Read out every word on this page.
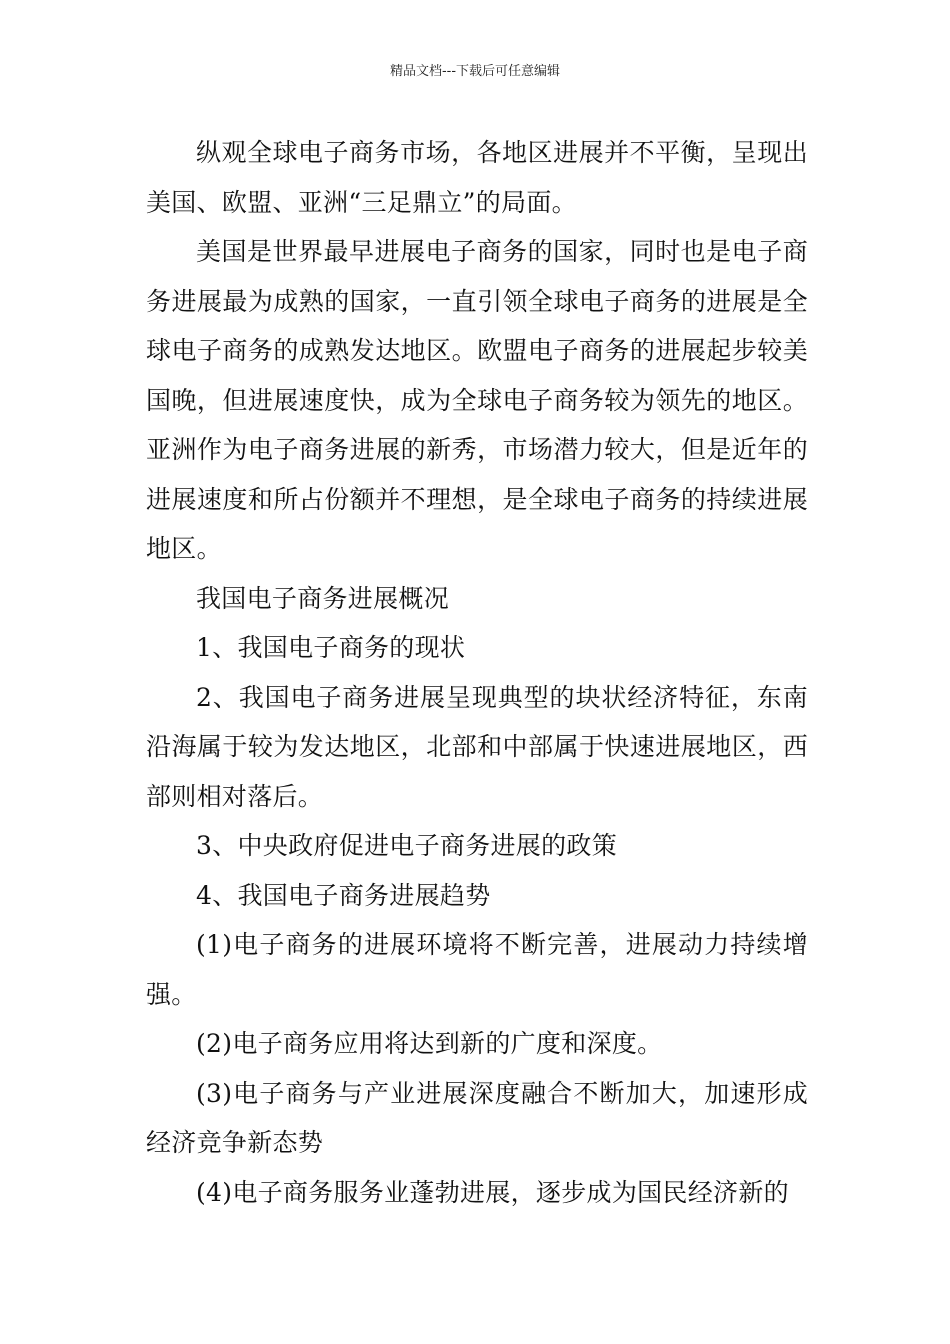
精品文档---下载后可任意编辑

纵观全球电子商务市场，各地区进展并不平衡，呈现出美国、欧盟、亚洲“三足鼎立”的局面。

美国是世界最早进展电子商务的国家，同时也是电子商务进展最为成熟的国家，一直引领全球电子商务的进展是全球电子商务的成熟发达地区。欧盟电子商务的进展起步较美国晚，但进展速度快，成为全球电子商务较为领先的地区。亚洲作为电子商务进展的新秀，市场潜力较大，但是近年的进展速度和所占份额并不理想，是全球电子商务的持续进展地区。

我国电子商务进展概况

1、我国电子商务的现状

2、我国电子商务进展呈现典型的块状经济特征，东南沿海属于较为发达地区，北部和中部属于快速进展地区，西部则相对落后。

3、中央政府促进电子商务进展的政策

4、我国电子商务进展趋势

(1)电子商务的进展环境将不断完善，进展动力持续增强。

(2)电子商务应用将达到新的广度和深度。

(3)电子商务与产业进展深度融合不断加大，加速形成经济竞争新态势

(4)电子商务服务业蓬勃进展，逐步成为国民经济新的
